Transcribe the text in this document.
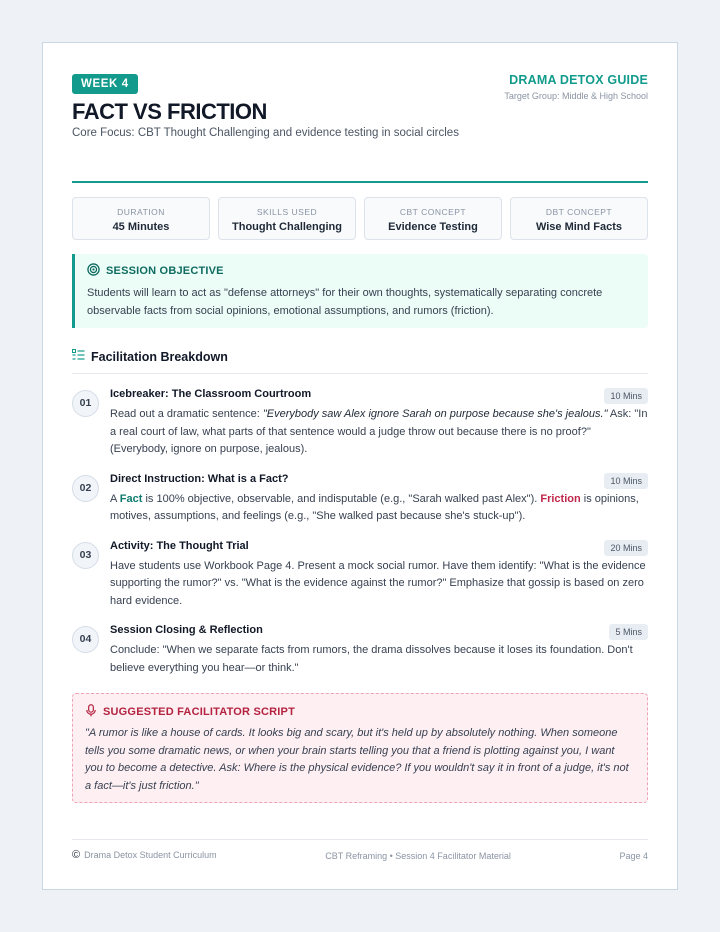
WEEK 4
FACT VS FRICTION
Core Focus: CBT Thought Challenging and evidence testing in social circles
DRAMA DETOX GUIDE
Target Group: Middle & High School
DURATION
45 Minutes
SKILLS USED
Thought Challenging
CBT CONCEPT
Evidence Testing
DBT CONCEPT
Wise Mind Facts
SESSION OBJECTIVE
Students will learn to act as "defense attorneys" for their own thoughts, systematically separating concrete observable facts from social opinions, emotional assumptions, and rumors (friction).
Facilitation Breakdown
01
Icebreaker: The Classroom Courtroom	10 Mins
Read out a dramatic sentence: "Everybody saw Alex ignore Sarah on purpose because she's jealous." Ask: "In a real court of law, what parts of that sentence would a judge throw out because there is no proof?" (Everybody, ignore on purpose, jealous).
02
Direct Instruction: What is a Fact?	10 Mins
A Fact is 100% objective, observable, and indisputable (e.g., "Sarah walked past Alex"). Friction is opinions, motives, assumptions, and feelings (e.g., "She walked past because she's stuck-up").
03
Activity: The Thought Trial	20 Mins
Have students use Workbook Page 4. Present a mock social rumor. Have them identify: "What is the evidence supporting the rumor?" vs. "What is the evidence against the rumor?" Emphasize that gossip is based on zero hard evidence.
04
Session Closing & Reflection	5 Mins
Conclude: "When we separate facts from rumors, the drama dissolves because it loses its foundation. Don't believe everything you hear—or think."
SUGGESTED FACILITATOR SCRIPT
"A rumor is like a house of cards. It looks big and scary, but it's held up by absolutely nothing. When someone tells you some dramatic news, or when your brain starts telling you that a friend is plotting against you, I want you to become a detective. Ask: Where is the physical evidence? If you wouldn't say it in front of a judge, it's not a fact—it's just friction."
© Drama Detox Student Curriculum	CBT Reframing • Session 4 Facilitator Material	Page 4
